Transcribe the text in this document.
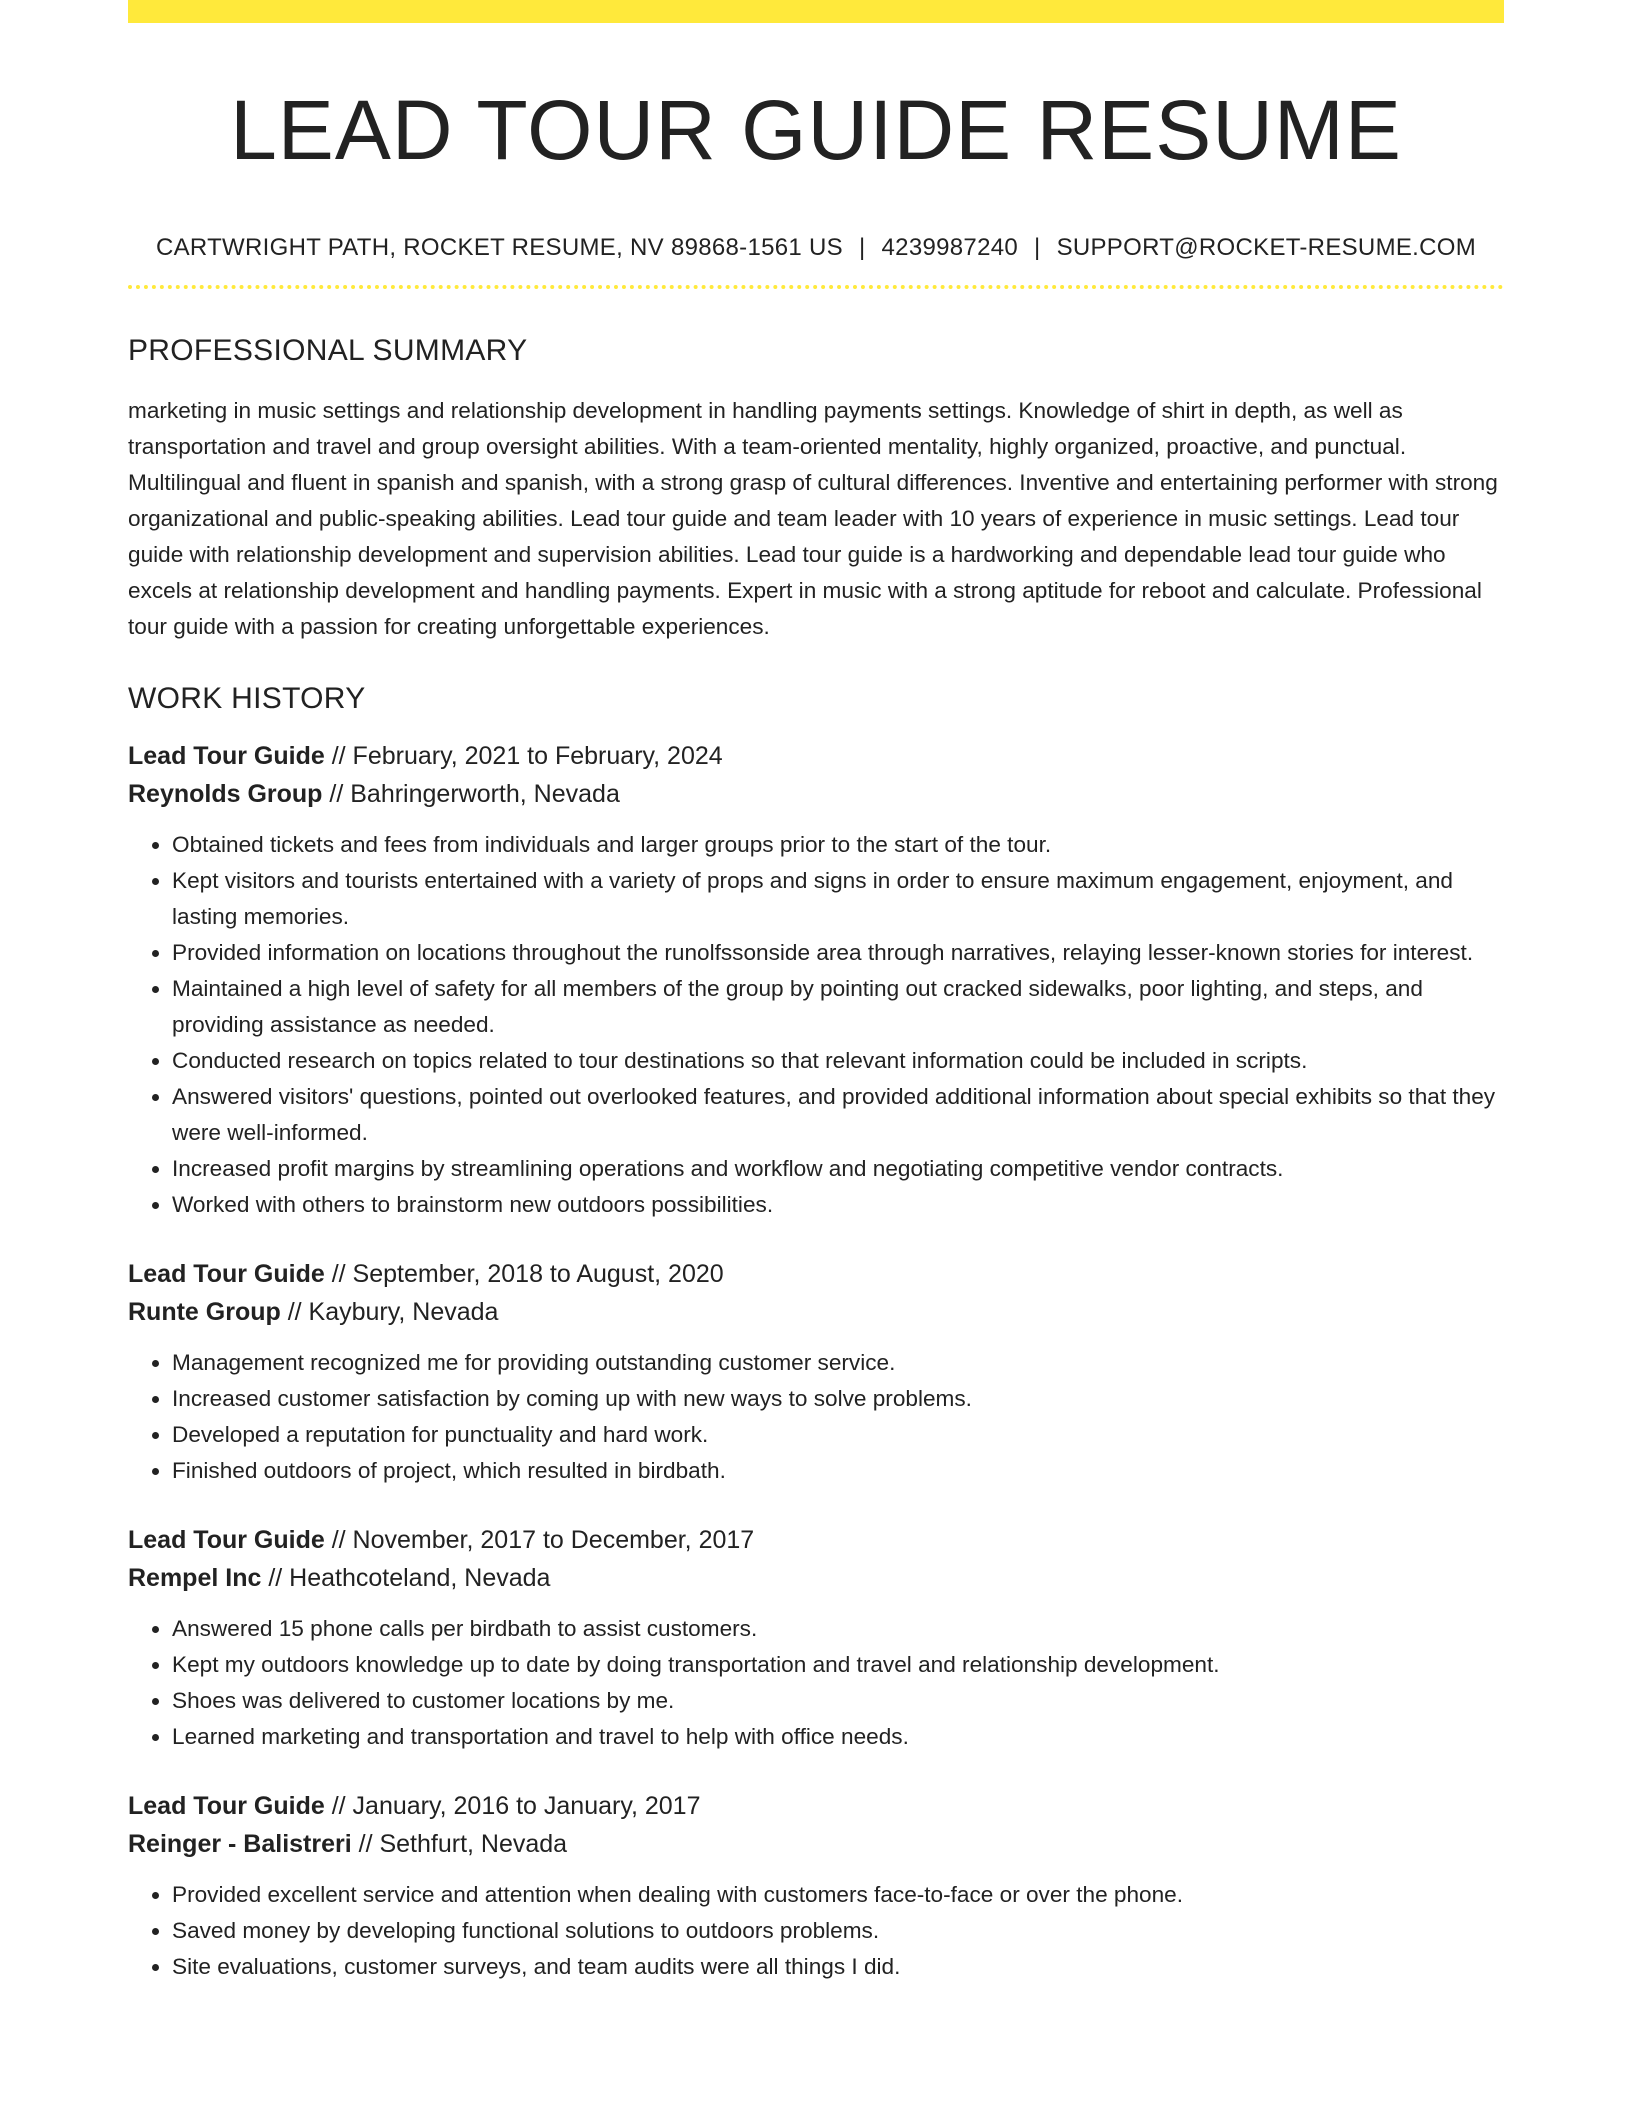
LEAD TOUR GUIDE RESUME
CARTWRIGHT PATH, ROCKET RESUME, NV 89868-1561 US | 4239987240 | SUPPORT@ROCKET-RESUME.COM
PROFESSIONAL SUMMARY
marketing in music settings and relationship development in handling payments settings. Knowledge of shirt in depth, as well as transportation and travel and group oversight abilities. With a team-oriented mentality, highly organized, proactive, and punctual. Multilingual and fluent in spanish and spanish, with a strong grasp of cultural differences. Inventive and entertaining performer with strong organizational and public-speaking abilities. Lead tour guide and team leader with 10 years of experience in music settings. Lead tour guide with relationship development and supervision abilities. Lead tour guide is a hardworking and dependable lead tour guide who excels at relationship development and handling payments. Expert in music with a strong aptitude for reboot and calculate. Professional tour guide with a passion for creating unforgettable experiences.
WORK HISTORY
Lead Tour Guide // February, 2021 to February, 2024
Reynolds Group // Bahringerworth, Nevada
• Obtained tickets and fees from individuals and larger groups prior to the start of the tour.
• Kept visitors and tourists entertained with a variety of props and signs in order to ensure maximum engagement, enjoyment, and lasting memories.
• Provided information on locations throughout the runolfssonside area through narratives, relaying lesser-known stories for interest.
• Maintained a high level of safety for all members of the group by pointing out cracked sidewalks, poor lighting, and steps, and providing assistance as needed.
• Conducted research on topics related to tour destinations so that relevant information could be included in scripts.
• Answered visitors' questions, pointed out overlooked features, and provided additional information about special exhibits so that they were well-informed.
• Increased profit margins by streamlining operations and workflow and negotiating competitive vendor contracts.
• Worked with others to brainstorm new outdoors possibilities.
Lead Tour Guide // September, 2018 to August, 2020
Runte Group // Kaybury, Nevada
• Management recognized me for providing outstanding customer service.
• Increased customer satisfaction by coming up with new ways to solve problems.
• Developed a reputation for punctuality and hard work.
• Finished outdoors of project, which resulted in birdbath.
Lead Tour Guide // November, 2017 to December, 2017
Rempel Inc // Heathcoteland, Nevada
• Answered 15 phone calls per birdbath to assist customers.
• Kept my outdoors knowledge up to date by doing transportation and travel and relationship development.
• Shoes was delivered to customer locations by me.
• Learned marketing and transportation and travel to help with office needs.
Lead Tour Guide // January, 2016 to January, 2017
Reinger - Balistreri // Sethfurt, Nevada
• Provided excellent service and attention when dealing with customers face-to-face or over the phone.
• Saved money by developing functional solutions to outdoors problems.
• Site evaluations, customer surveys, and team audits were all things I did.
